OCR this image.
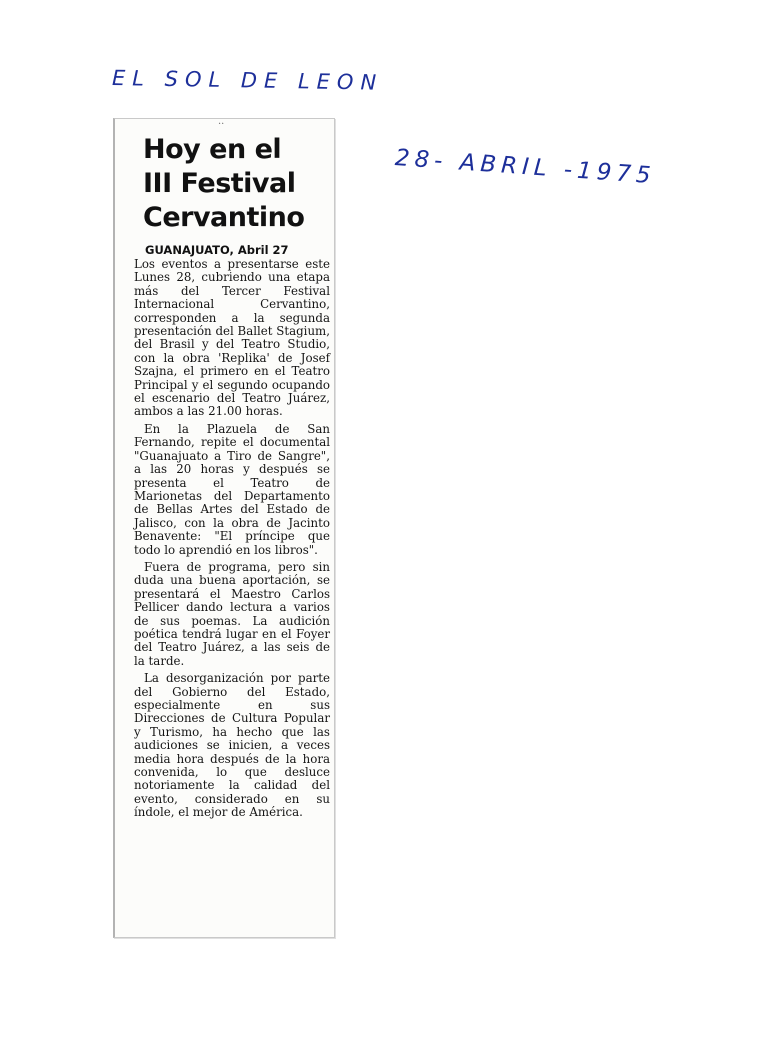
EL SOL DE LEON
28- ABRIL -1975
··
Hoy en el
III Festival
Cervantino
GUANAJUATO, Abril 27

Los eventos a presentarse este Lunes 28, cubriendo una etapa más del Tercer Festival Internacional Cervantino, corresponden a la segunda presentación del Ballet Stagium, del Brasil y del Teatro Studio, con la obra 'Replika' de Josef Szajna, el primero en el Teatro Principal y el segundo ocupando el escenario del Teatro Juárez, ambos a las 21.00 horas.

En la Plazuela de San Fernando, repite el documental "Guanajuato a Tiro de Sangre", a las 20 horas y después se presenta el Teatro de Marionetas del Departamento de Bellas Artes del Estado de Jalisco, con la obra de Jacinto Benavente: "El príncipe que todo lo aprendió en los libros".

Fuera de programa, pero sin duda una buena aportación, se presentará el Maestro Carlos Pellicer dando lectura a varios de sus poemas. La audición poética tendrá lugar en el Foyer del Teatro Juárez, a las seis de la tarde.

La desorganización por parte del Gobierno del Estado, especialmente en sus Direcciones de Cultura Popular y Turismo, ha hecho que las audiciones se inicien, a veces media hora después de la hora convenida, lo que desluce notoriamente la calidad del evento, considerado en su índole, el mejor de América.
